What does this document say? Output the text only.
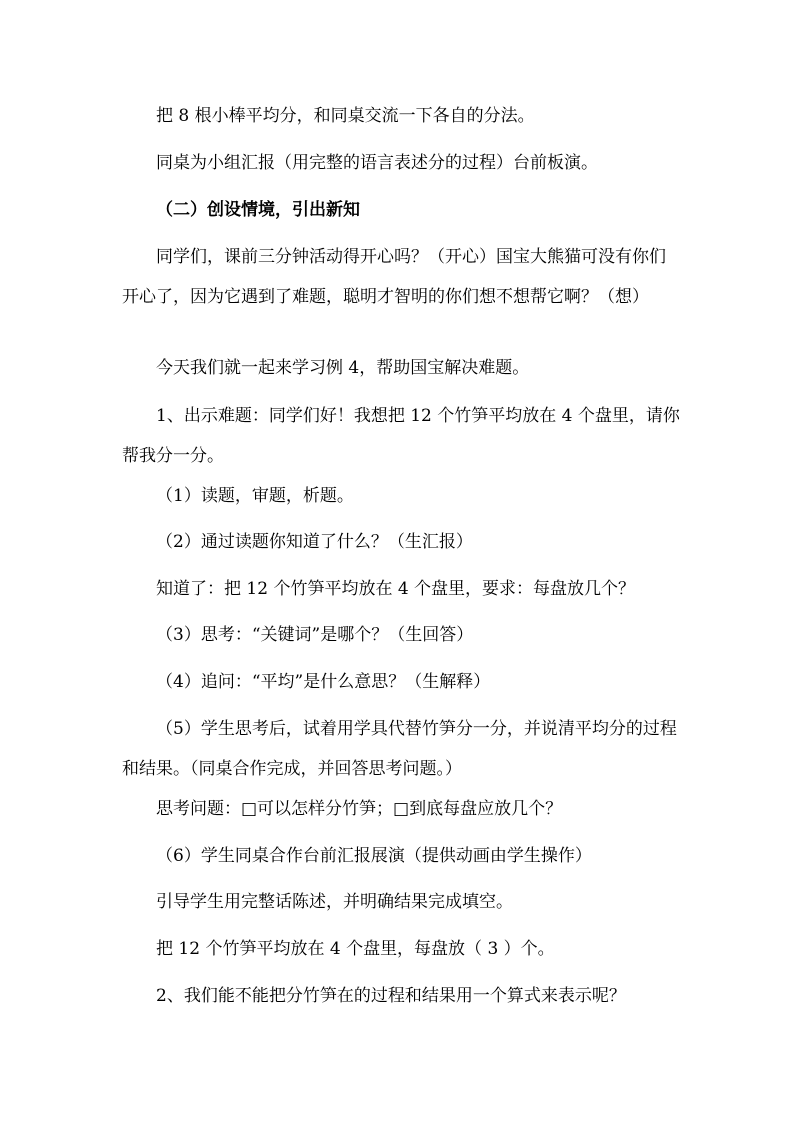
把 8 根小棒平均分，和同桌交流一下各自的分法。

同桌为小组汇报（用完整的语言表述分的过程）台前板演。

（二）创设情境，引出新知

同学们，课前三分钟活动得开心吗？（开心）国宝大熊猫可没有你们开心了，因为它遇到了难题，聪明才智明的你们想不想帮它啊？（想）

今天我们就一起来学习例 4，帮助国宝解决难题。

1、出示难题：同学们好！我想把 12 个竹笋平均放在 4 个盘里，请你帮我分一分。

（1）读题，审题，析题。

（2）通过读题你知道了什么？（生汇报）

知道了：把 12 个竹笋平均放在 4 个盘里，要求：每盘放几个？

（3）思考：“关键词”是哪个？（生回答）

（4）追问：“平均”是什么意思？（生解释）

（5）学生思考后，试着用学具代替竹笋分一分，并说清平均分的过程和结果。（同桌合作完成，并回答思考问题。）

思考问题：□可以怎样分竹笋；□到底每盘应放几个？

（6）学生同桌合作台前汇报展演（提供动画由学生操作）

引导学生用完整话陈述，并明确结果完成填空。

把 12 个竹笋平均放在 4 个盘里，每盘放（ 3 ）个。

2、我们能不能把分竹笋在的过程和结果用一个算式来表示呢？
